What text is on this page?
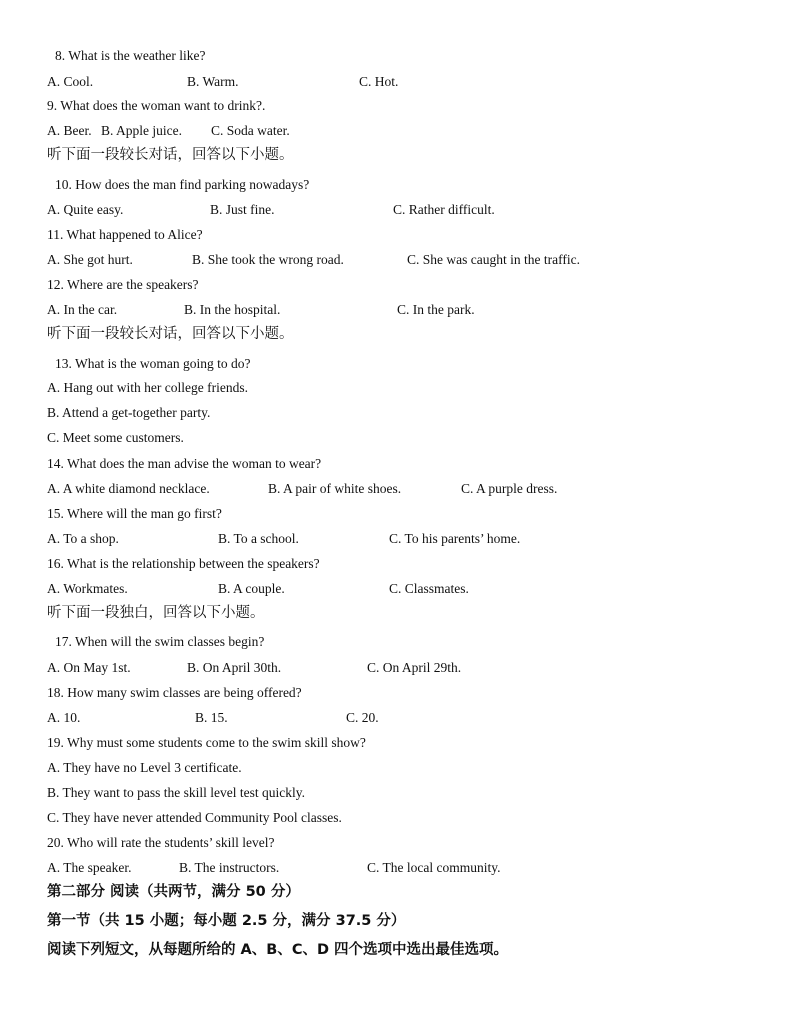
8. What is the weather like?
A. Cool.	B. Warm.	C. Hot.
9. What does the woman want to drink?.
A. Beer. B. Apple juice. C. Soda water.
听下面一段较长对话，回答以下小题。
10. How does the man find parking nowadays?
A. Quite easy.	B. Just fine.	C. Rather difficult.
11. What happened to Alice?
A. She got hurt.	B. She took the wrong road.	C. She was caught in the traffic.
12. Where are the speakers?
A. In the car.	B. In the hospital.	C. In the park.
听下面一段较长对话，回答以下小题。
13. What is the woman going to do?
A. Hang out with her college friends.
B. Attend a get-together party.
C. Meet some customers.
14. What does the man advise the woman to wear?
A. A white diamond necklace.	B. A pair of white shoes.	C. A purple dress.
15. Where will the man go first?
A. To a shop.	B. To a school.	C. To his parents’ home.
16. What is the relationship between the speakers?
A. Workmates.	B. A couple.	C. Classmates.
听下面一段独白，回答以下小题。
17. When will the swim classes begin?
A. On May 1st.	B. On April 30th.	C. On April 29th.
18. How many swim classes are being offered?
A. 10.	B. 15.	C. 20.
19. Why must some students come to the swim skill show?
A. They have no Level 3 certificate.
B. They want to pass the skill level test quickly.
C. They have never attended Community Pool classes.
20. Who will rate the students’ skill level?
A. The speaker.	B. The instructors.	C. The local community.
第二部分 阅读（共两节，满分 50 分）
第一节（共 15 小题；每小题 2.5 分，满分 37.5 分）
阅读下列短文，从每题所给的 A、B、C、D 四个选项中选出最佳选项。
